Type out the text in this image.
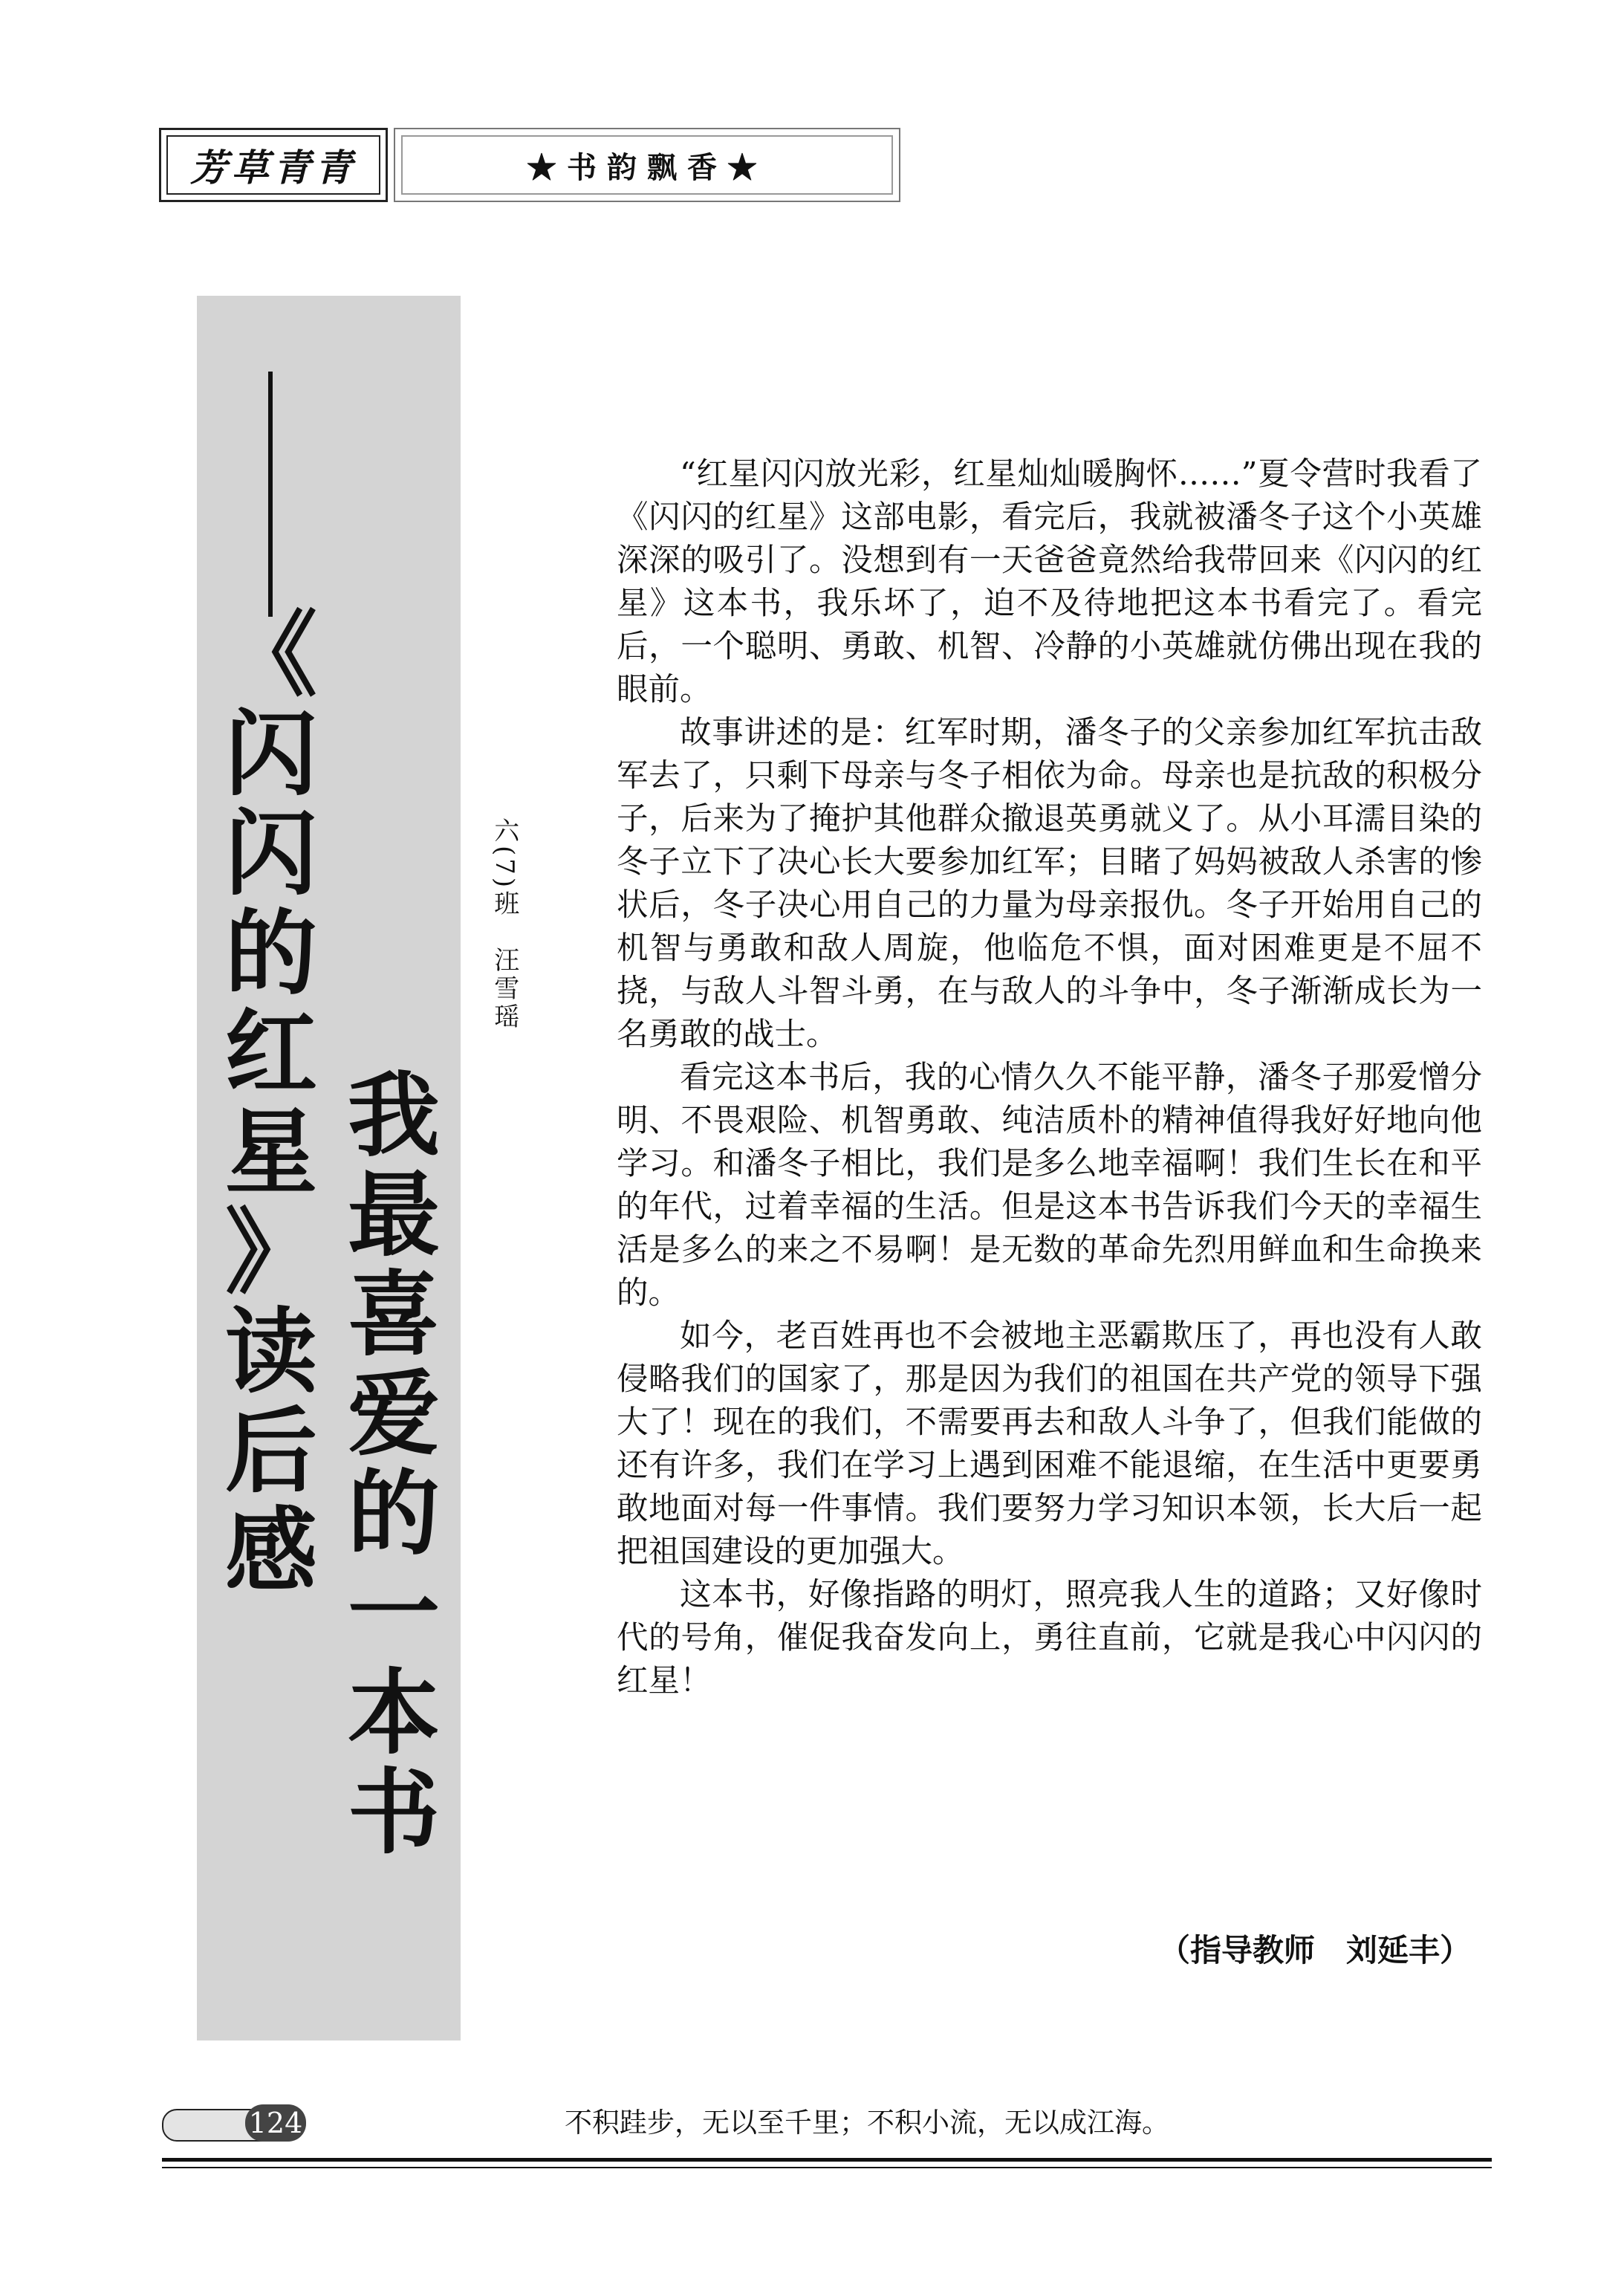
芳草青青	★书韵飘香★
《
闪
闪
的
红
星
》
读
后
感
我
最
喜
爱
的
一
本
书
六(7)班　汪雪瑶

“红星闪闪放光彩，红星灿灿暖胸怀……”夏令营时我看了《闪闪的红星》这部电影，看完后，我就被潘冬子这个小英雄深深的吸引了。没想到有一天爸爸竟然给我带回来《闪闪的红星》这本书，我乐坏了，迫不及待地把这本书看完了。看完后，一个聪明、勇敢、机智、冷静的小英雄就仿佛出现在我的眼前。

故事讲述的是：红军时期，潘冬子的父亲参加红军抗击敌军去了，只剩下母亲与冬子相依为命。母亲也是抗敌的积极分子，后来为了掩护其他群众撤退英勇就义了。从小耳濡目染的冬子立下了决心长大要参加红军；目睹了妈妈被敌人杀害的惨状后，冬子决心用自己的力量为母亲报仇。冬子开始用自己的机智与勇敢和敌人周旋，他临危不惧，面对困难更是不屈不挠，与敌人斗智斗勇，在与敌人的斗争中，冬子渐渐成长为一名勇敢的战士。

看完这本书后，我的心情久久不能平静，潘冬子那爱憎分明、不畏艰险、机智勇敢、纯洁质朴的精神值得我好好地向他学习。和潘冬子相比，我们是多么地幸福啊！我们生长在和平的年代，过着幸福的生活。但是这本书告诉我们今天的幸福生活是多么的来之不易啊！是无数的革命先烈用鲜血和生命换来的。

如今，老百姓再也不会被地主恶霸欺压了，再也没有人敢侵略我们的国家了，那是因为我们的祖国在共产党的领导下强大了！现在的我们，不需要再去和敌人斗争了，但我们能做的还有许多，我们在学习上遇到困难不能退缩，在生活中更要勇敢地面对每一件事情。我们要努力学习知识本领，长大后一起把祖国建设的更加强大。

这本书，好像指路的明灯，照亮我人生的道路；又好像时代的号角，催促我奋发向上，勇往直前，它就是我心中闪闪的红星！

（指导教师　刘延丰）
124	不积跬步，无以至千里；不积小流，无以成江海。
